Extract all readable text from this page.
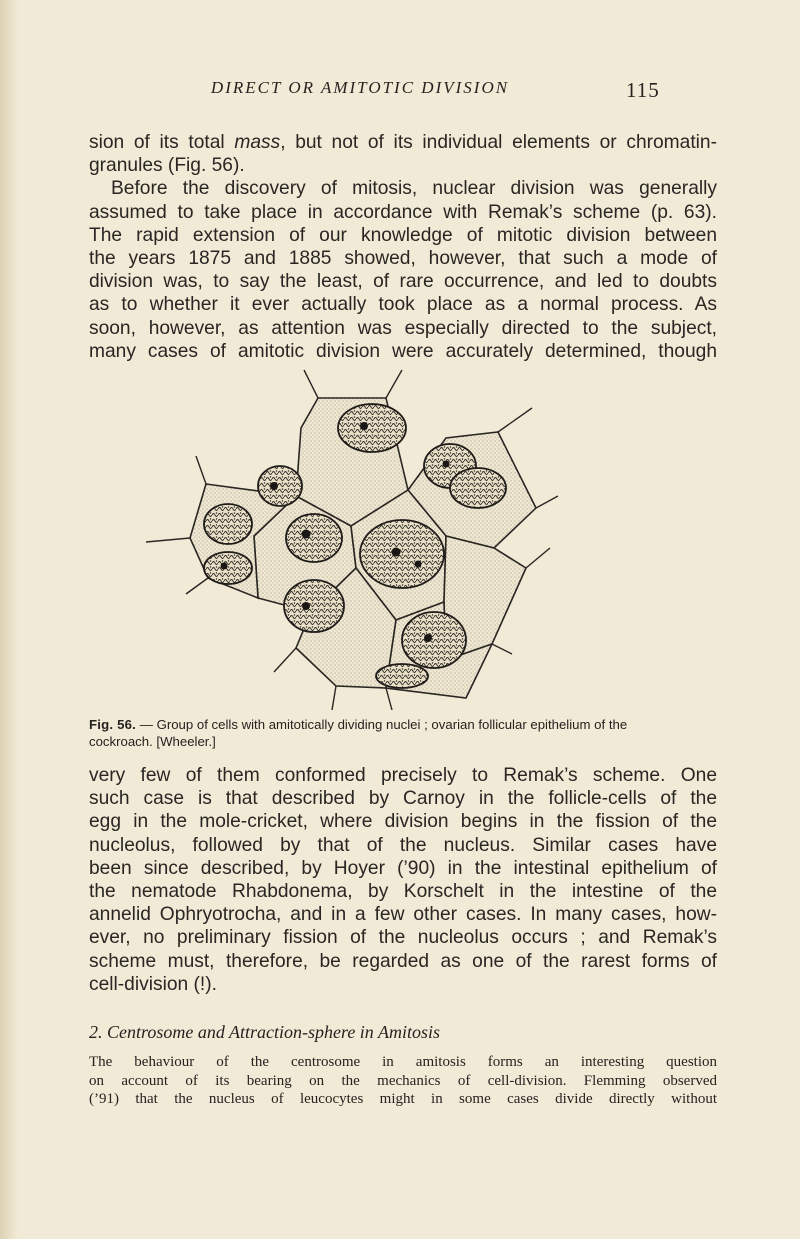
DIRECT OR AMITOTIC DIVISION	115
sion of its total mass, but not of its individual elements or chromatin-
granules (Fig. 56).
Before the discovery of mitosis, nuclear division was generally
assumed to take place in accordance with Remak’s scheme (p. 63).
The rapid extension of our knowledge of mitotic division between
the years 1875 and 1885 showed, however, that such a mode of
division was, to say the least, of rare occurrence, and led to doubts
as to whether it ever actually took place as a normal process. As
soon, however, as attention was especially directed to the subject,
many cases of amitotic division were accurately determined, though

Fig. 56. — Group of cells with amitotically dividing nuclei ; ovarian follicular epithelium of the
cockroach. [Wheeler.]

very few of them conformed precisely to Remak’s scheme. One
such case is that described by Carnoy in the follicle-cells of the
egg in the mole-cricket, where division begins in the fission of the
nucleolus, followed by that of the nucleus. Similar cases have
been since described, by Hoyer (’90) in the intestinal epithelium of
the nematode Rhabdonema, by Korschelt in the intestine of the
annelid Ophryotrocha, and in a few other cases. In many cases, how-
ever, no preliminary fission of the nucleolus occurs ; and Remak’s
scheme must, therefore, be regarded as one of the rarest forms of
cell-division (!).
2. Centrosome and Attraction-sphere in Amitosis
The behaviour of the centrosome in amitosis forms an interesting question
on account of its bearing on the mechanics of cell-division. Flemming observed
(’91) that the nucleus of leucocytes might in some cases divide directly without
